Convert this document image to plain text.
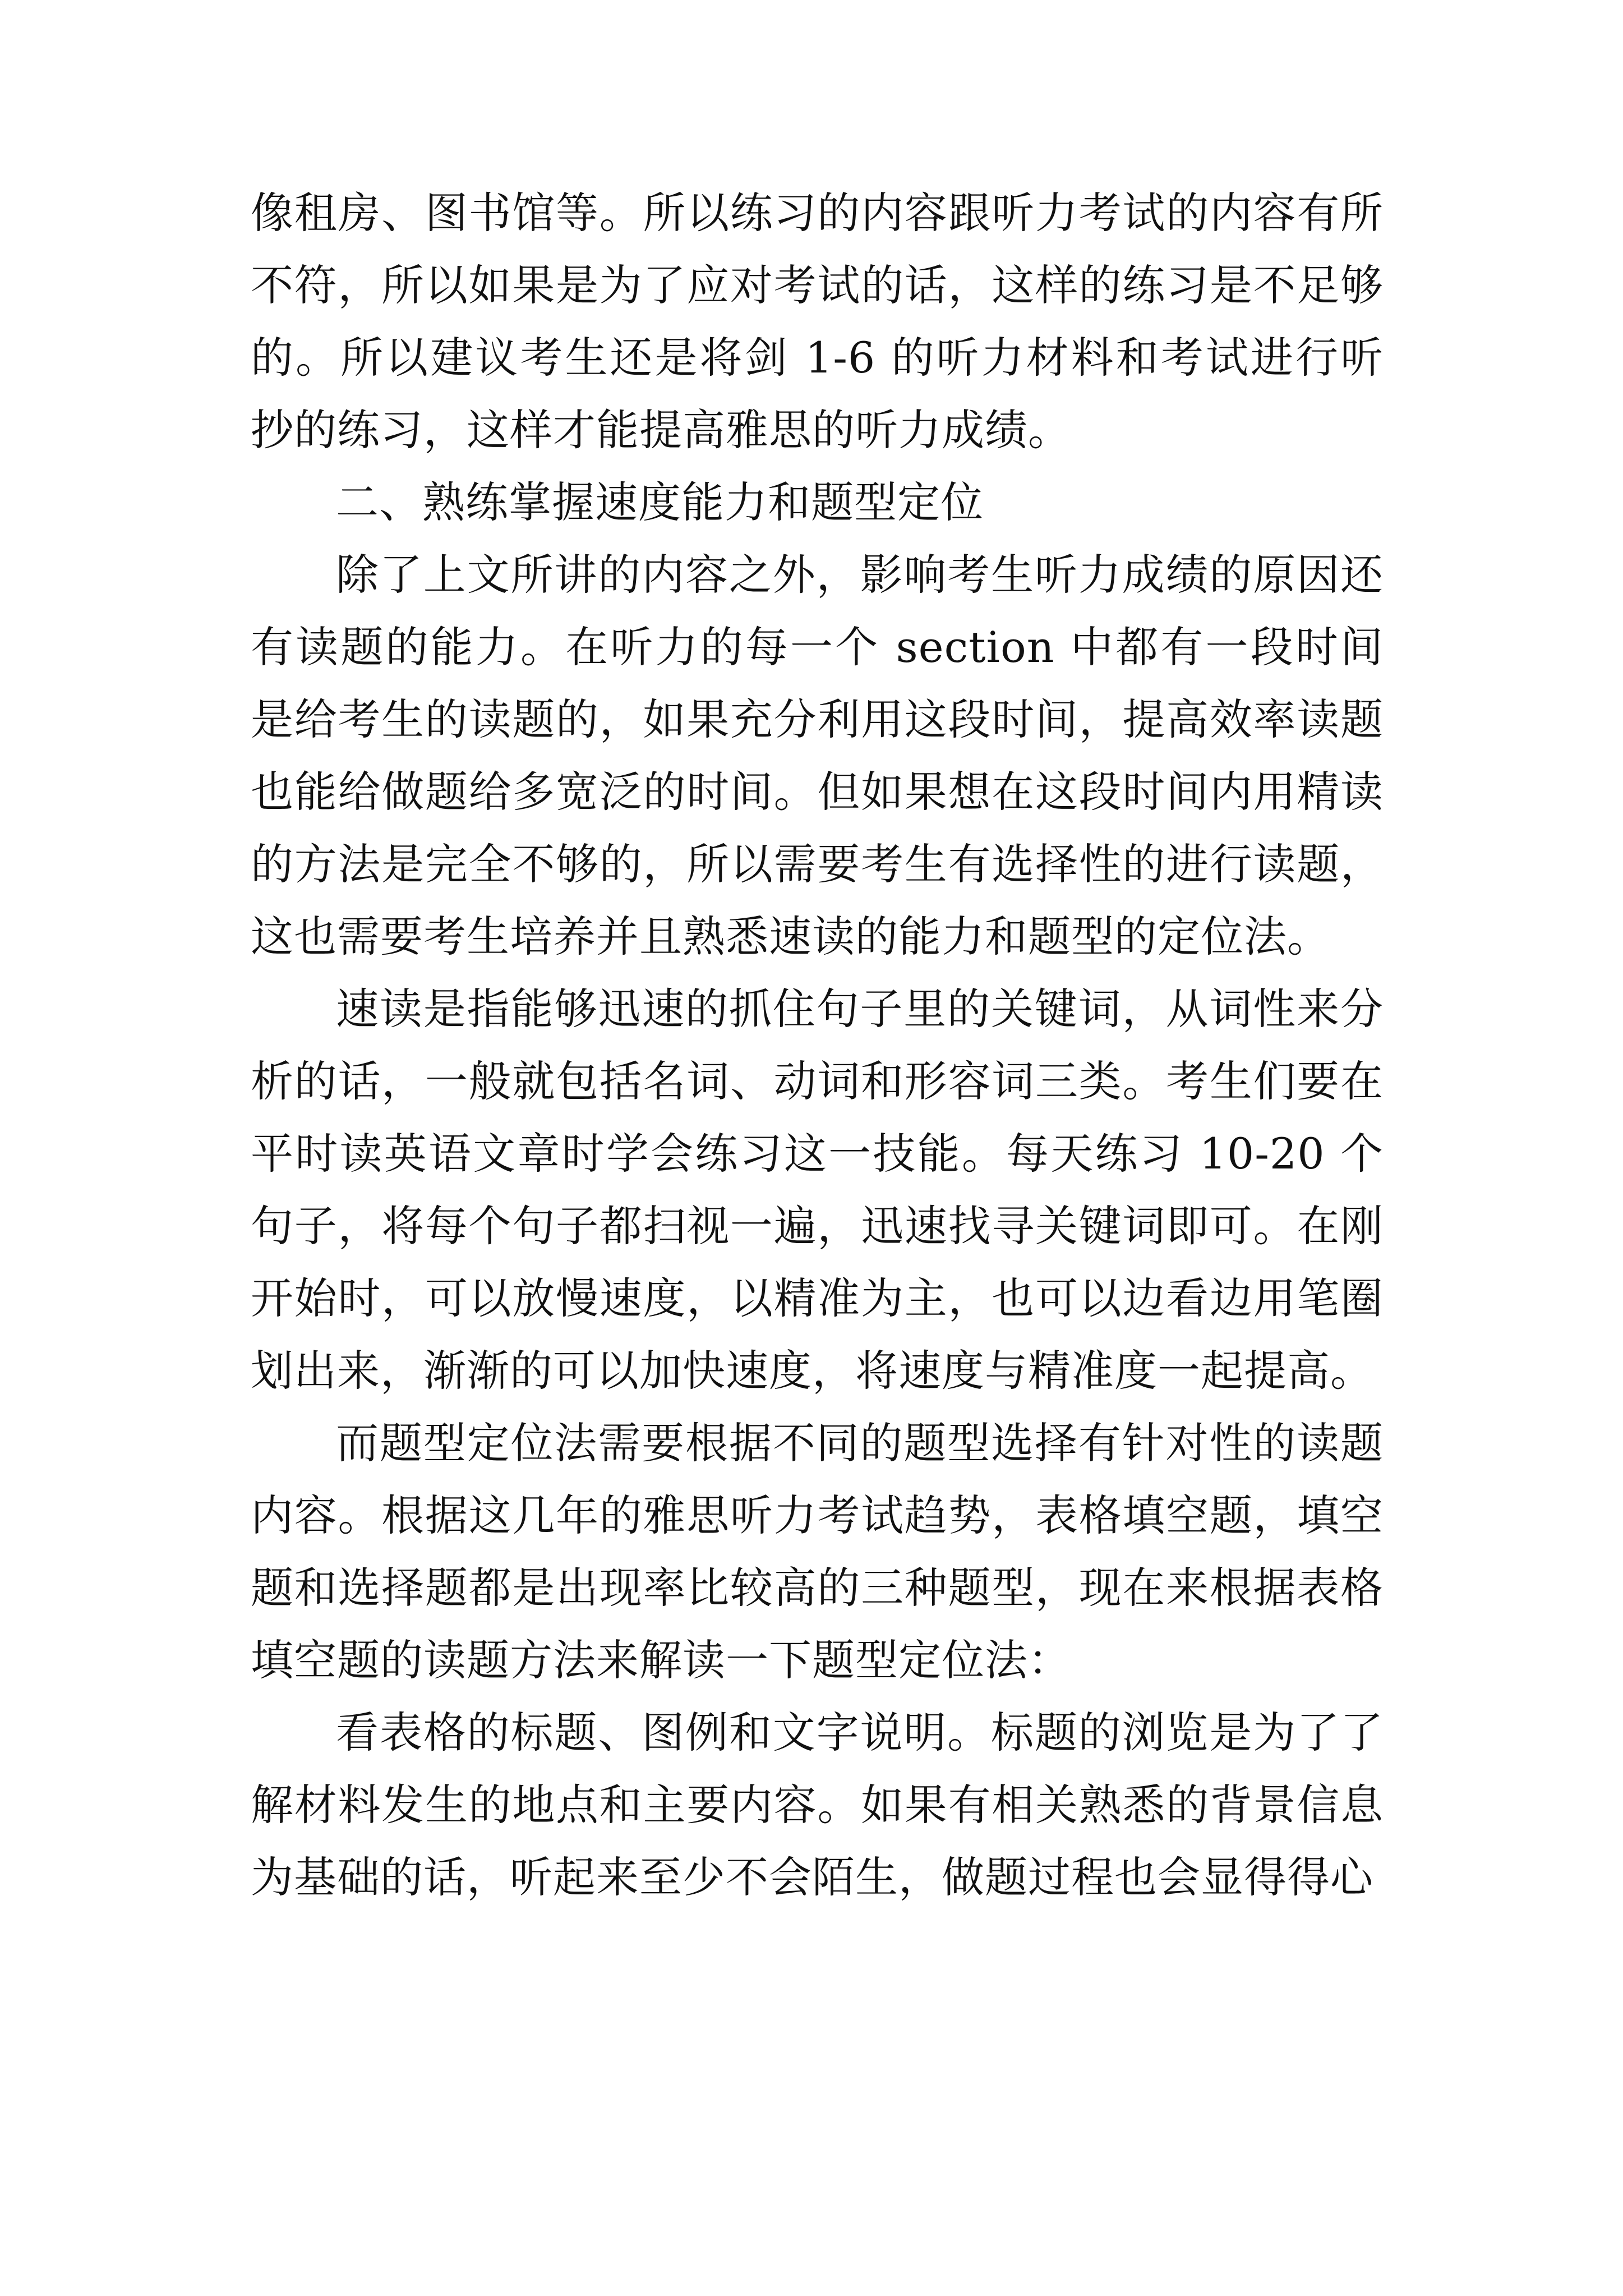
像租房、图书馆等。所以练习的内容跟听力考试的内容有所不符，所以如果是为了应对考试的话，这样的练习是不足够的。所以建议考生还是将剑 1-6 的听力材料和考试进行听抄的练习，这样才能提高雅思的听力成绩。

二、熟练掌握速度能力和题型定位

除了上文所讲的内容之外，影响考生听力成绩的原因还有读题的能力。在听力的每一个 section 中都有一段时间是给考生的读题的，如果充分利用这段时间，提高效率读题也能给做题给多宽泛的时间。但如果想在这段时间内用精读的方法是完全不够的，所以需要考生有选择性的进行读题，这也需要考生培养并且熟悉速读的能力和题型的定位法。

速读是指能够迅速的抓住句子里的关键词，从词性来分析的话，一般就包括名词、动词和形容词三类。考生们要在平时读英语文章时学会练习这一技能。每天练习 10-20 个句子，将每个句子都扫视一遍，迅速找寻关键词即可。在刚开始时，可以放慢速度，以精准为主，也可以边看边用笔圈划出来，渐渐的可以加快速度，将速度与精准度一起提高。

而题型定位法需要根据不同的题型选择有针对性的读题内容。根据这几年的雅思听力考试趋势，表格填空题，填空题和选择题都是出现率比较高的三种题型，现在来根据表格填空题的读题方法来解读一下题型定位法：

看表格的标题、图例和文字说明。标题的浏览是为了了解材料发生的地点和主要内容。如果有相关熟悉的背景信息为基础的话，听起来至少不会陌生，做题过程也会显得得心
